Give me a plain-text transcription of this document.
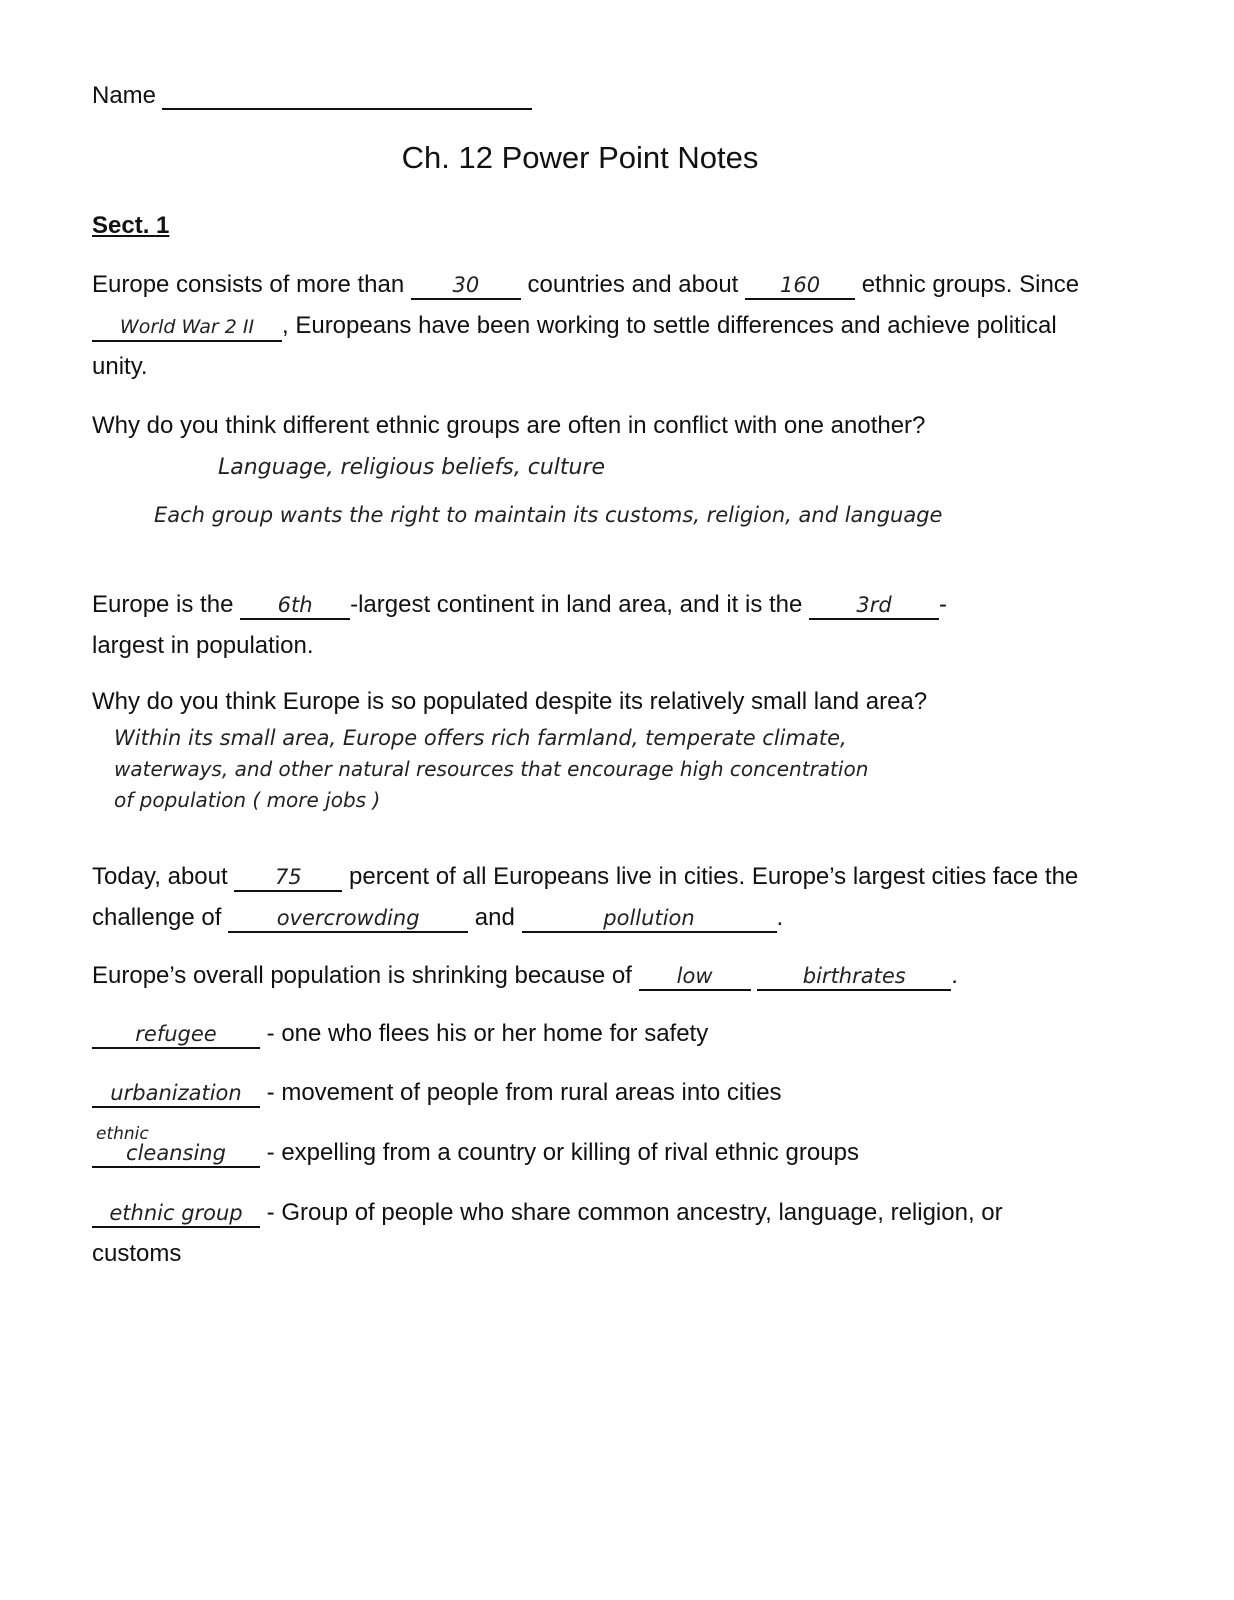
Name
Ch. 12 Power Point Notes
Sect. 1

Europe consists of more than 30 countries and about 160 ethnic groups. Since World War 2 II , Europeans have been working to settle differences and achieve political unity.

Why do you think different ethnic groups are often in conflict with one another?

Language, religious beliefs, culture

Each group wants the right to maintain its customs, religion, and language

Europe is the 6th -largest continent in land area, and it is the	3rd -
largest in population.

Why do you think Europe is so populated despite its relatively small land area?

Within its small area, Europe offers rich farmland, temperate climate,

waterways, and other natural resources that encourage high concentration

of population ( more jobs )

Today, about 75 percent of all Europeans live in cities. Europe’s largest cities face the challenge of	overcrowding and	pollution	.

Europe’s overall population is shrinking because of low	birthrates .

refugee - one who flees his or her home for safety
urbanization - movement of people from rural areas into cities
ethnic
cleansing - expelling from a country or killing of rival ethnic groups
ethnic group - Group of people who share common ancestry, language, religion, or customs
